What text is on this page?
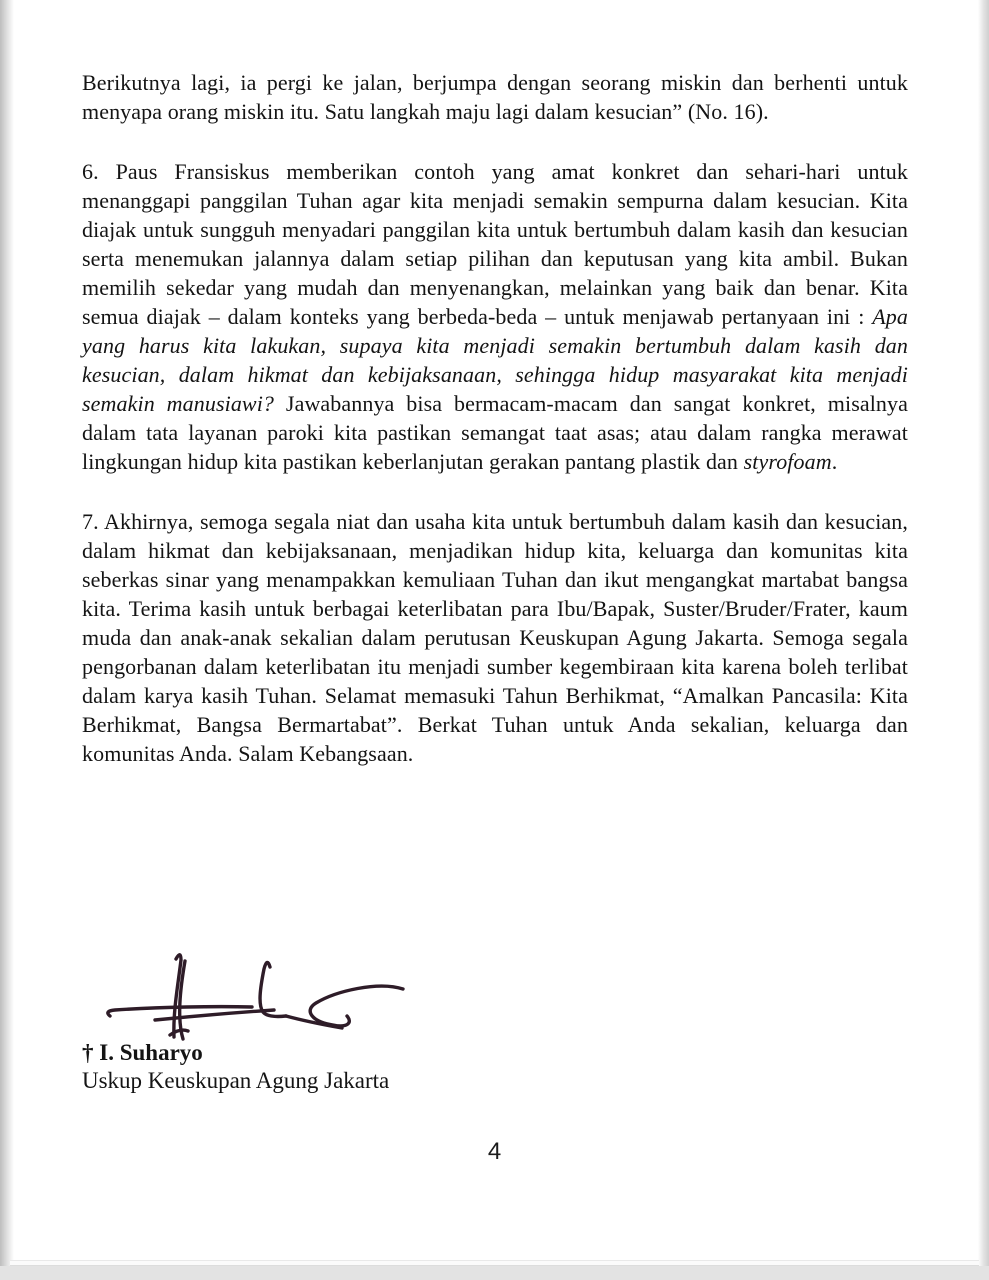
Berikutnya lagi, ia pergi ke jalan, berjumpa dengan seorang miskin dan berhenti untuk menyapa orang miskin itu. Satu langkah maju lagi dalam kesucian” (No. 16).

6. Paus Fransiskus memberikan contoh yang amat konkret dan sehari-hari untuk menanggapi panggilan Tuhan agar kita menjadi semakin sempurna dalam kesucian. Kita diajak untuk sungguh menyadari panggilan kita untuk bertumbuh dalam kasih dan kesucian serta menemukan jalannya dalam setiap pilihan dan keputusan yang kita ambil. Bukan memilih sekedar yang mudah dan menyenangkan, melainkan yang baik dan benar. Kita semua diajak – dalam konteks yang berbeda-beda – untuk menjawab pertanyaan ini : Apa yang harus kita lakukan, supaya kita menjadi semakin bertumbuh dalam kasih dan kesucian, dalam hikmat dan kebijaksanaan, sehingga hidup masyarakat kita menjadi semakin manusiawi? Jawabannya bisa bermacam-macam dan sangat konkret, misalnya dalam tata layanan paroki kita pastikan semangat taat asas; atau dalam rangka merawat lingkungan hidup kita pastikan keberlanjutan gerakan pantang plastik dan styrofoam.

7. Akhirnya, semoga segala niat dan usaha kita untuk bertumbuh dalam kasih dan kesucian, dalam hikmat dan kebijaksanaan, menjadikan hidup kita, keluarga dan komunitas kita seberkas sinar yang menampakkan kemuliaan Tuhan dan ikut mengangkat martabat bangsa kita. Terima kasih untuk berbagai keterlibatan para Ibu/Bapak, Suster/Bruder/Frater, kaum muda dan anak-anak sekalian dalam perutusan Keuskupan Agung Jakarta. Semoga segala pengorbanan dalam keterlibatan itu menjadi sumber kegembiraan kita karena boleh terlibat dalam karya kasih Tuhan. Selamat memasuki Tahun Berhikmat, “Amalkan Pancasila: Kita Berhikmat, Bangsa Bermartabat”. Berkat Tuhan untuk Anda sekalian, keluarga dan komunitas Anda. Salam Kebangsaan.

† I. Suharyo
Uskup Keuskupan Agung Jakarta
4
